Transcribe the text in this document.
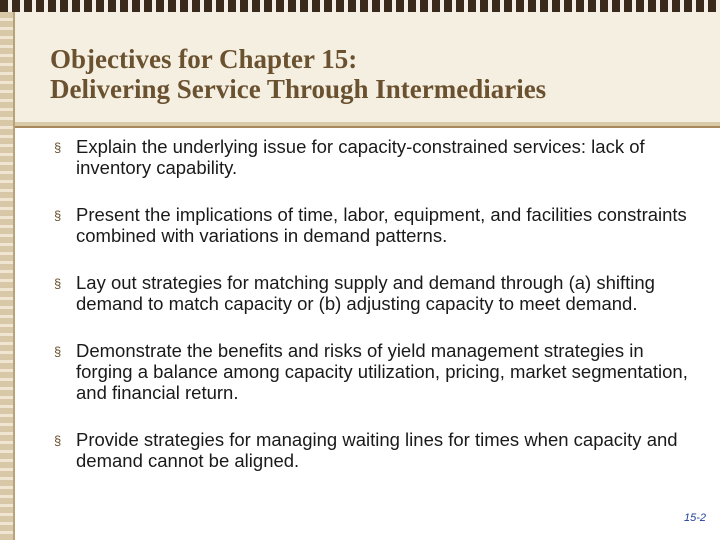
Objectives for Chapter 15:
Delivering Service Through Intermediaries
§ Explain the underlying issue for capacity-constrained services: lack of inventory capability.
§ Present the implications of time, labor, equipment, and facilities constraints combined with variations in demand patterns.
§ Lay out strategies for matching supply and demand through (a) shifting demand to match capacity or (b) adjusting capacity to meet demand.
§ Demonstrate the benefits and risks of yield management strategies in forging a balance among capacity utilization, pricing, market segmentation, and financial return.
§ Provide strategies for managing waiting lines for times when capacity and demand cannot be aligned.
15-2
